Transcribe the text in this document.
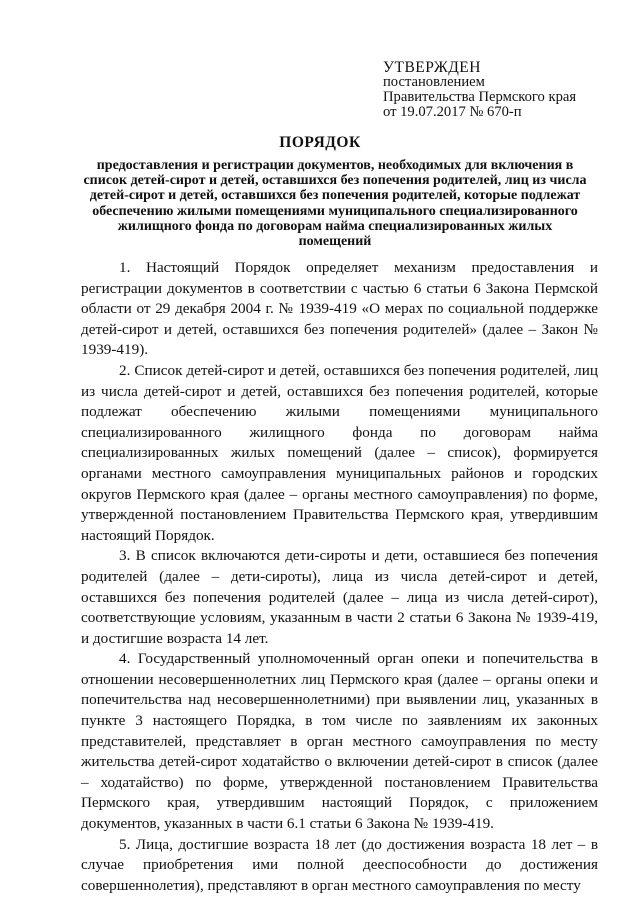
УТВЕРЖДЕН
постановлением
Правительства Пермского края
от 19.07.2017 № 670-п
ПОРЯДОК
предоставления и регистрации документов, необходимых для включения в список детей-сирот и детей, оставшихся без попечения родителей, лиц из числа детей-сирот и детей, оставшихся без попечения родителей, которые подлежат обеспечению жилыми помещениями муниципального специализированного жилищного фонда по договорам найма специализированных жилых помещений

1. Настоящий Порядок определяет механизм предоставления и регистрации документов в соответствии с частью 6 статьи 6 Закона Пермской области от 29 декабря 2004 г. № 1939-419 «О мерах по социальной поддержке детей-сирот и детей, оставшихся без попечения родителей» (далее – Закон № 1939-419).

2. Список детей-сирот и детей, оставшихся без попечения родителей, лиц из числа детей-сирот и детей, оставшихся без попечения родителей, которые подлежат обеспечению жилыми помещениями муниципального специализированного жилищного фонда по договорам найма специализированных жилых помещений (далее – список), формируется органами местного самоуправления муниципальных районов и городских округов Пермского края (далее – органы местного самоуправления) по форме, утвержденной постановлением Правительства Пермского края, утвердившим настоящий Порядок.

3. В список включаются дети-сироты и дети, оставшиеся без попечения родителей (далее – дети-сироты), лица из числа детей-сирот и детей, оставшихся без попечения родителей (далее – лица из числа детей-сирот), соответствующие условиям, указанным в части 2 статьи 6 Закона № 1939-419, и достигшие возраста 14 лет.

4. Государственный уполномоченный орган опеки и попечительства в отношении несовершеннолетних лиц Пермского края (далее – органы опеки и попечительства над несовершеннолетними) при выявлении лиц, указанных в пункте 3 настоящего Порядка, в том числе по заявлениям их законных представителей, представляет в орган местного самоуправления по месту жительства детей-сирот ходатайство о включении детей-сирот в список (далее – ходатайство) по форме, утвержденной постановлением Правительства Пермского края, утвердившим настоящий Порядок, с приложением документов, указанных в части 6.1 статьи 6 Закона № 1939-419.

5. Лица, достигшие возраста 18 лет (до достижения возраста 18 лет – в случае приобретения ими полной дееспособности до достижения совершеннолетия), представляют в орган местного самоуправления по месту
